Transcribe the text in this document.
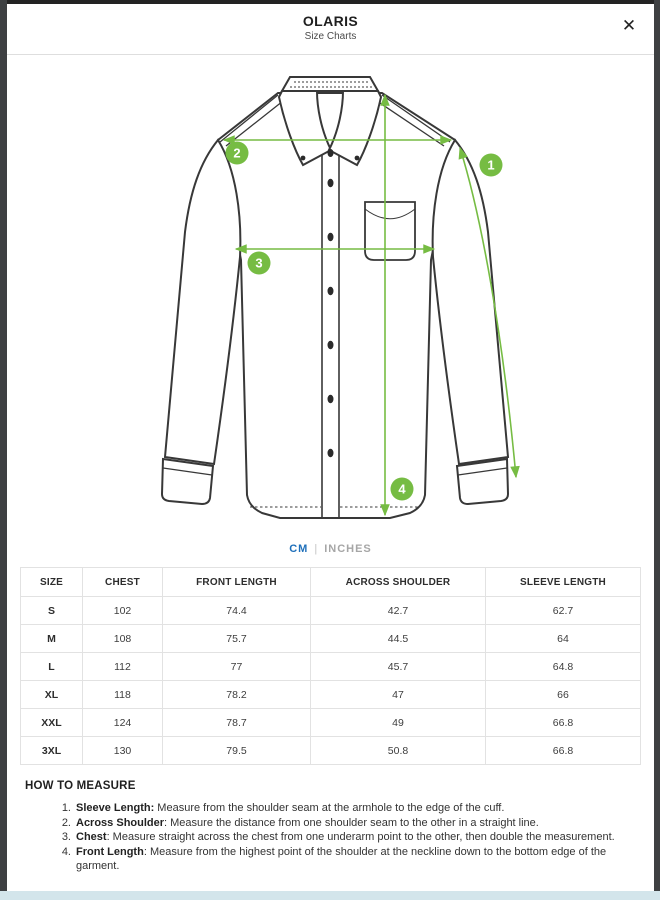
OLARIS
Size Charts
✕
1
2
3
4
CM | INCHES
SIZE	CHEST	FRONT LENGTH	ACROSS SHOULDER	SLEEVE LENGTH
S	102	74.4	42.7	62.7
M	108	75.7	44.5	64
L	112	77	45.7	64.8
XL	118	78.2	47	66
XXL	124	78.7	49	66.8
3XL	130	79.5	50.8	66.8
HOW TO MEASURE
1. Sleeve Length: Measure from the shoulder seam at the armhole to the edge of the cuff.
2. Across Shoulder: Measure the distance from one shoulder seam to the other in a straight line.
3. Chest: Measure straight across the chest from one underarm point to the other, then double the measurement.
4. Front Length: Measure from the highest point of the shoulder at the neckline down to the bottom edge of the garment.
